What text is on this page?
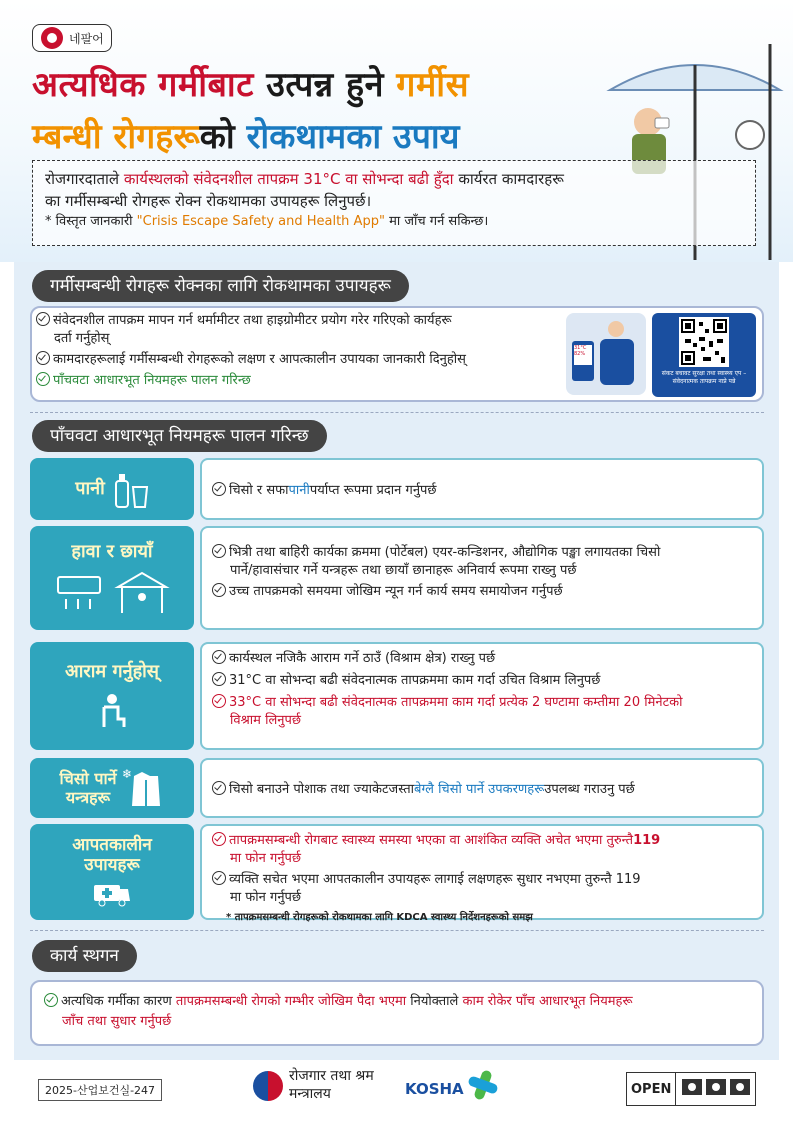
네팔어
अत्यधिक गर्मीबाट उत्पन्न हुने गर्मीस
म्बन्धी रोगहरूको रोकथामका उपाय
रोजगारदाताले कार्यस्थलको संवेदनशील तापक्रम 31°C वा सोभन्दा बढी हुँदा कार्यरत कामदारहरू
का गर्मीसम्बन्धी रोगहरू रोक्न रोकथामका उपायहरू लिनुपर्छ।
* विस्तृत जानकारी "Crisis Escape Safety and Health App" मा जाँच गर्न सकिन्छ।
गर्मीसम्बन्धी रोगहरू रोक्नका लागि रोकथामका उपायहरू
संवेदनशील तापक्रम मापन गर्न थर्मामीटर तथा हाइग्रोमीटर प्रयोग गरेर गरिएको कार्यहरू
दर्ता गर्नुहोस्
कामदारहरूलाई गर्मीसम्बन्धी रोगहरूको लक्षण र आपत्कालीन उपायका जानकारी दिनुहोस्
पाँचवटा आधारभूत नियमहरू पालन गरिन्छ
31°C
82%
संकट बचावट सुरक्षा तथा स्वास्थ्य एप – संवेदनात्मक तापक्रम नाप्ने पन्ने
पाँचवटा आधारभूत नियमहरू पालन गरिन्छ
पानी	चिसो र सफा पानी पर्याप्त रूपमा प्रदान गर्नुपर्छ
हावा र छायाँ	भित्री तथा बाहिरी कार्यका क्रममा (पोर्टेबल) एयर-कन्डिशनर, औद्योगिक पङ्खा लगायतका चिसो
पार्ने/हावासंचार गर्ने यन्त्रहरू तथा छायाँ छानाहरू अनिवार्य रूपमा राख्नु पर्छ
उच्च तापक्रमको समयमा जोखिम न्यून गर्न कार्य समय समायोजन गर्नुपर्छ
आराम गर्नुहोस्
कार्यस्थल नजिकै आराम गर्ने ठाउँ (विश्राम क्षेत्र) राख्नु पर्छ
31°C वा सोभन्दा बढी संवेदनात्मक तापक्रममा काम गर्दा उचित विश्राम लिनुपर्छ
33°C वा सोभन्दा बढी संवेदनात्मक तापक्रममा काम गर्दा प्रत्येक 2 घण्टामा कम्तीमा 20 मिनेटको
विश्राम लिनुपर्छ
चिसो पार्ने
यन्त्रहरू
❄
चिसो बनाउने पोशाक तथा ज्याकेटजस्ता बेग्लै चिसो पार्ने उपकरणहरू उपलब्ध गराउनु पर्छ
आपतकालीन
उपायहरू
तापक्रमसम्बन्धी रोगबाट स्वास्थ्य समस्या भएका वा आशंकित व्यक्ति अचेत भएमा तुरुन्तै 119
मा फोन गर्नुपर्छ
व्यक्ति सचेत भएमा आपतकालीन उपायहरू लागाई लक्षणहरू सुधार नभएमा तुरुन्तै 119
मा फोन गर्नुपर्छ
* तापक्रमसम्बन्धी रोगहरूको रोकथामका लागि KDCA स्वास्थ्य निर्देशनहरूको समझ
कार्य स्थगन
अत्यधिक गर्मीका कारण तापक्रमसम्बन्धी रोगको गम्भीर जोखिम पैदा भएमा नियोक्ताले काम रोकेर पाँच आधारभूत नियमहरू
जाँच तथा सुधार गर्नुपर्छ
2025-산업보건실-247
रोजगार तथा श्रम
मन्त्रालय	KOSHA	OPEN
